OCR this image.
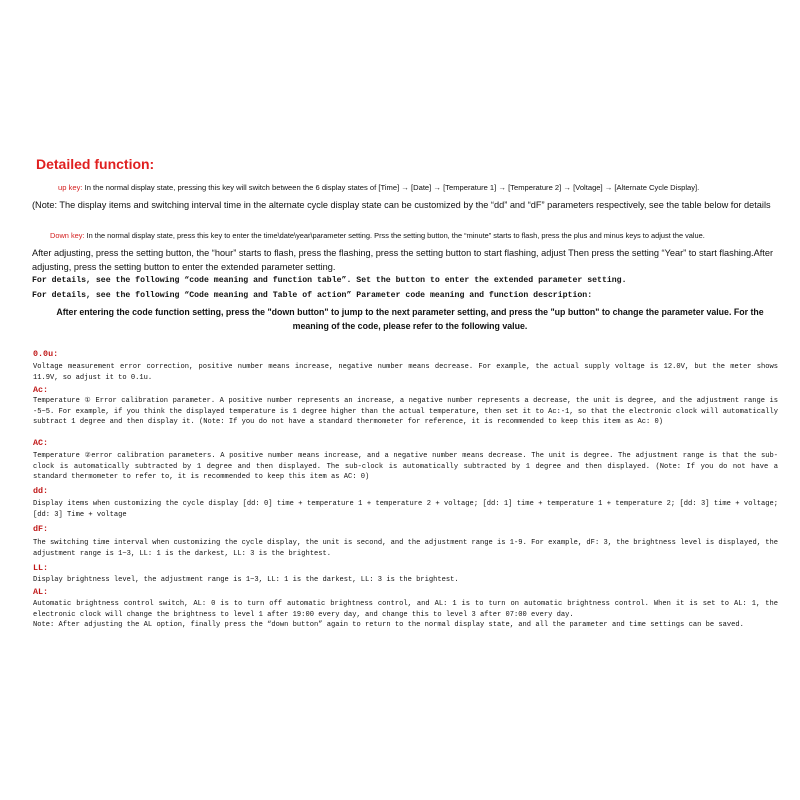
Detailed function:
up key: In the normal display state, pressing this key will switch between the 6 display states of [Time] → [Date] → [Temperature 1] → [Temperature 2] → [Voltage] → [Alternate Cycle Display].
(Note: The display items and switching interval time in the alternate cycle display state can be customized by the “dd” and “dF” parameters respectively, see the table below for details
Down key: In the normal display state, press this key to enter the time\date\year\parameter setting. Prss the setting button, the “minute” starts to flash, press the plus and minus keys to adjust the value.
After adjusting, press the setting button, the “hour” starts to flash, press the flashing, press the setting button to start flashing, adjust Then press the setting “Year” to start flashing.After adjusting, press the setting button to enter the extended parameter setting.
For details, see the following “code meaning and function table”. Set the button to enter the extended parameter setting.
For details, see the following “Code meaning and Table of action” Parameter code meaning and function description:
After entering the code function setting, press the "down button" to jump to the next parameter setting, and press the "up button" to change the parameter value. For the meaning of the code, please refer to the following value.
0.0u:
Voltage measurement error correction, positive number means increase, negative number means decrease. For example, the actual supply voltage is 12.0V, but the meter shows 11.9V, so adjust it to 0.1u.
Ac:
Temperature ① Error calibration parameter. A positive number represents an increase, a negative number represents a decrease, the unit is degree, and the adjustment range is -5~5. For example, if you think the displayed temperature is 1 degree higher than the actual temperature, then set it to Ac:-1, so that the electronic clock will automatically subtract 1 degree and then display it. (Note: If you do not have a standard thermometer for reference, it is recommended to keep this item as Ac: 0)
AC:
Temperature ②error calibration parameters. A positive number means increase, and a negative number means decrease. The unit is degree. The adjustment range is that the sub-clock is automatically subtracted by 1 degree and then displayed. The sub-clock is automatically subtracted by 1 degree and then displayed. (Note: If you do not have a standard thermometer to refer to, it is recommended to keep this item as AC: 0)
dd:
Display items when customizing the cycle display [dd: 0] time + temperature 1 + temperature 2 + voltage; [dd: 1] time + temperature 1 + temperature 2; [dd: 3] time + voltage; [dd: 3] Time + voltage
dF:
The switching time interval when customizing the cycle display, the unit is second, and the adjustment range is 1-9. For example, dF: 3, the brightness level is displayed, the adjustment range is 1~3, LL: 1 is the darkest, LL: 3 is the brightest.
LL:
Display brightness level, the adjustment range is 1~3, LL: 1 is the darkest, LL: 3 is the brightest.
AL:
Automatic brightness control switch, AL: 0 is to turn off automatic brightness control, and AL: 1 is to turn on automatic brightness control. When it is set to AL: 1, the electronic clock will change the brightness to level 1 after 19:00 every day, and change this to level 3 after 07:00 every day.
Note: After adjusting the AL option, finally press the “down button” again to return to the normal display state, and all the parameter and time settings can be saved.
